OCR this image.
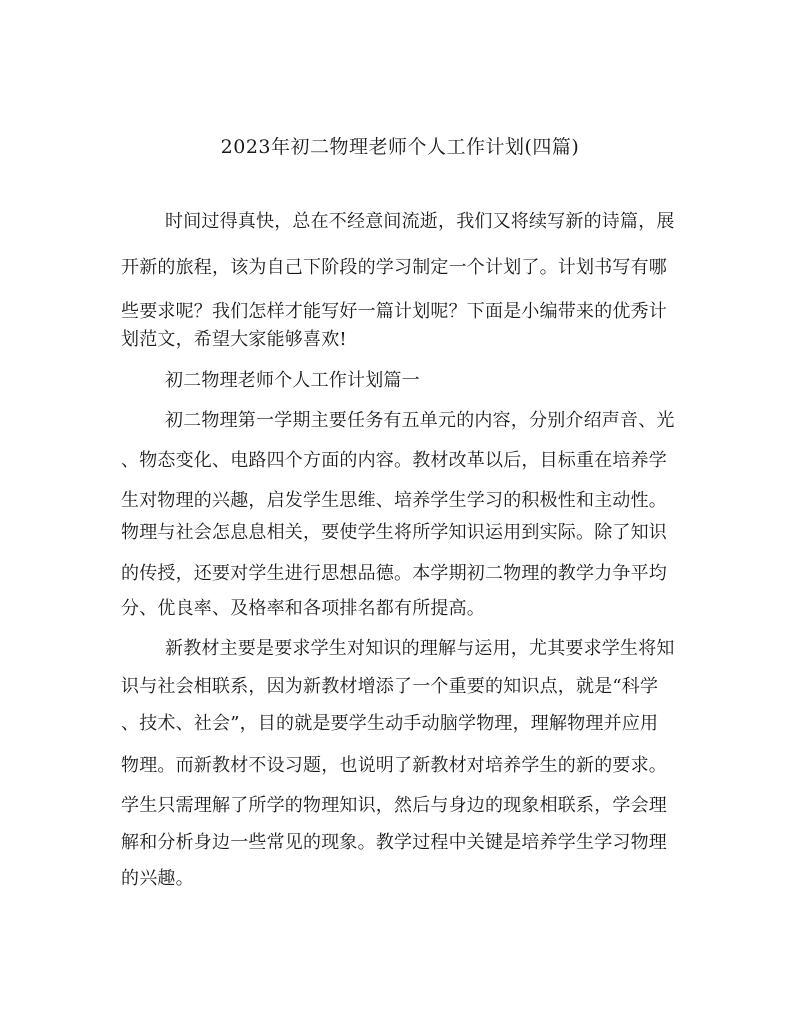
2023年初二物理老师个人工作计划(四篇)
时间过得真快，总在不经意间流逝，我们又将续写新的诗篇，展
开新的旅程，该为自己下阶段的学习制定一个计划了。计划书写有哪
些要求呢？我们怎样才能写好一篇计划呢？下面是小编带来的优秀计
划范文，希望大家能够喜欢!
初二物理老师个人工作计划篇一
初二物理第一学期主要任务有五单元的内容，分别介绍声音、光
、物态变化、电路四个方面的内容。教材改革以后，目标重在培养学
生对物理的兴趣，启发学生思维、培养学生学习的积极性和主动性。
物理与社会怎息息相关，要使学生将所学知识运用到实际。除了知识
的传授，还要对学生进行思想品德。本学期初二物理的教学力争平均
分、优良率、及格率和各项排名都有所提高。
新教材主要是要求学生对知识的理解与运用，尤其要求学生将知
识与社会相联系，因为新教材增添了一个重要的知识点，就是“科学
、技术、社会”，目的就是要学生动手动脑学物理，理解物理并应用
物理。而新教材不设习题，也说明了新教材对培养学生的新的要求。
学生只需理解了所学的物理知识，然后与身边的现象相联系，学会理
解和分析身边一些常见的现象。教学过程中关键是培养学生学习物理
的兴趣。
